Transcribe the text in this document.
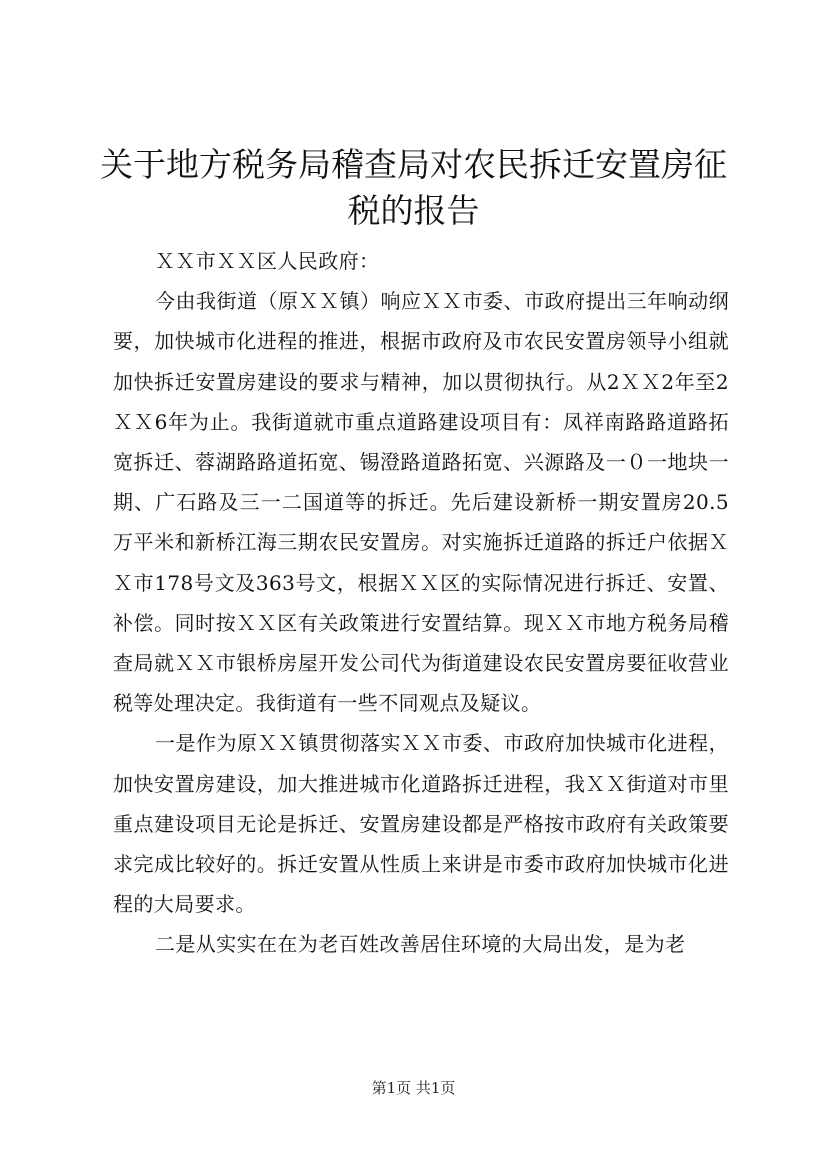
关于地方税务局稽查局对农民拆迁安置房征税的报告

ＸＸ市ＸＸ区人民政府：

今由我街道（原ＸＸ镇）响应ＸＸ市委、市政府提出三年响动纲要，加快城市化进程的推进，根据市政府及市农民安置房领导小组就加快拆迁安置房建设的要求与精神，加以贯彻执行。从2ＸＸ2年至2ＸＸ6年为止。我街道就市重点道路建设项目有：凤祥南路路道路拓宽拆迁、蓉湖路路道拓宽、锡澄路道路拓宽、兴源路及一０一地块一期、广石路及三一二国道等的拆迁。先后建设新桥一期安置房20.5万平米和新桥江海三期农民安置房。对实施拆迁道路的拆迁户依据ＸＸ市178号文及363号文，根据ＸＸ区的实际情况进行拆迁、安置、补偿。同时按ＸＸ区有关政策进行安置结算。现ＸＸ市地方税务局稽查局就ＸＸ市银桥房屋开发公司代为街道建设农民安置房要征收营业税等处理决定。我街道有一些不同观点及疑议。

一是作为原ＸＸ镇贯彻落实ＸＸ市委、市政府加快城市化进程，加快安置房建设，加大推进城市化道路拆迁进程，我ＸＸ街道对市里重点建设项目无论是拆迁、安置房建设都是严格按市政府有关政策要求完成比较好的。拆迁安置从性质上来讲是市委市政府加快城市化进程的大局要求。

二是从实实在在为老百姓改善居住环境的大局出发，是为老

第1页 共1页
